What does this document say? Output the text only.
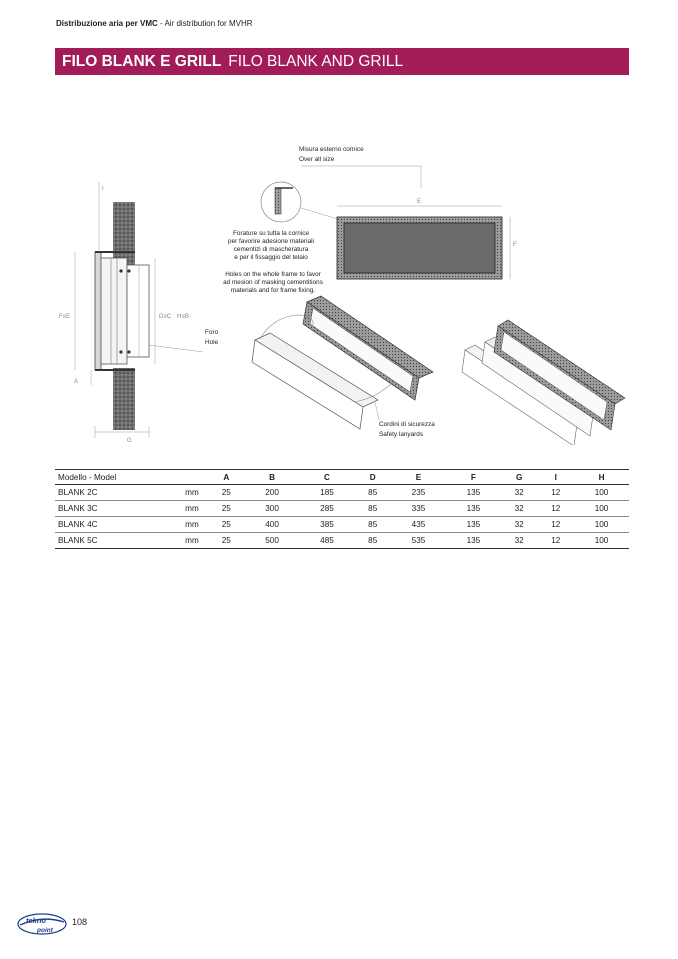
Distribuzione aria per VMC - Air distribution for MVHR
FILO BLANK E GRILL FILO BLANK AND GRILL
I
F≡E	D≡C H≡B
A
G
Foro
Hole
Forature su tutta la cornice
per favorire adesione materiali
cementizi di mascheratura
e per il fissaggio del telaio
Holes on the whole frame to favor
ad mesion of masking cementitions
materials and for frame fixing.
Misura esterno cornice
Over all size
E
F
Cordini di sicurezza
Safety lanyards
Modello - Model		A	B	C	D	E	F	G	I	H
BLANK 2C	mm	25	200	185	85	235	135	32	12	100
BLANK 3C	mm	25	300	285	85	335	135	32	12	100
BLANK 4C	mm	25	400	385	85	435	135	32	12	100
BLANK 5C	mm	25	500	485	85	535	135	32	12	100
tekno
point
108
